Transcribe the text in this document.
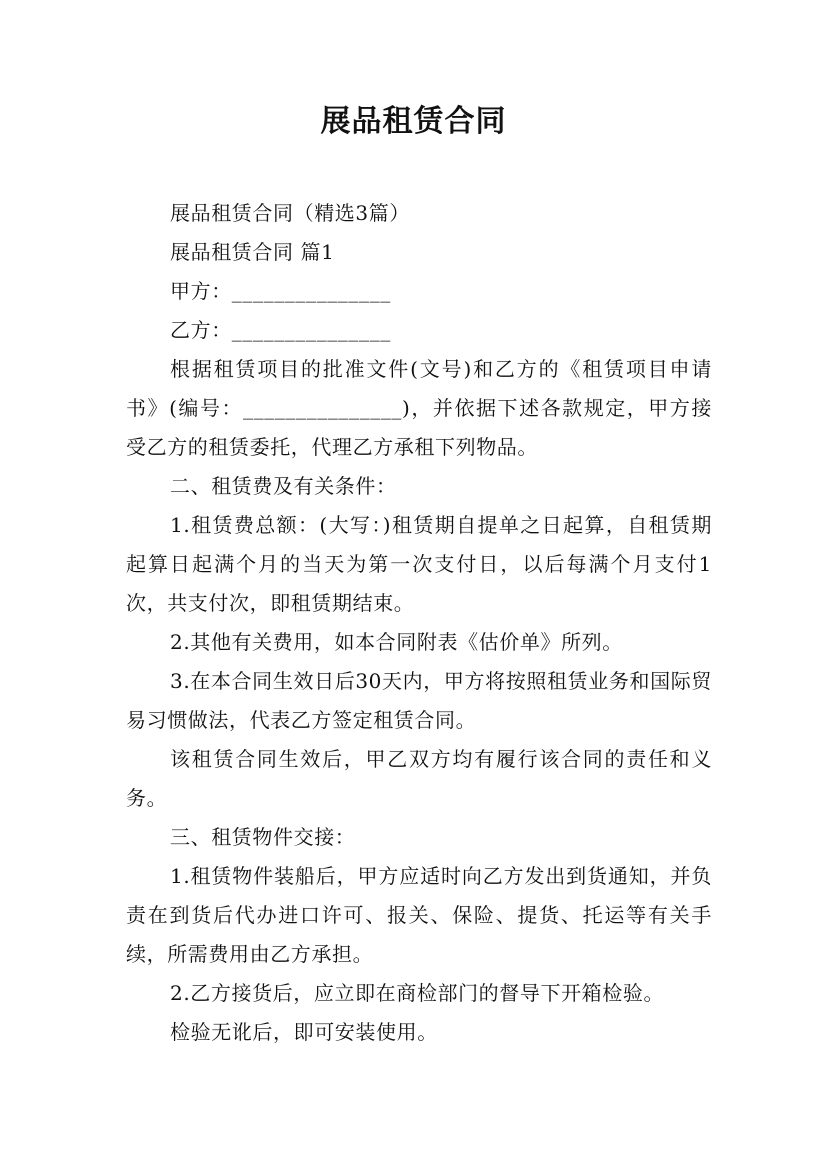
展品租赁合同

展品租赁合同（精选3篇）

展品租赁合同 篇1

甲方：_______________

乙方：_______________

根据租赁项目的批准文件(文号)和乙方的《租赁项目申请书》(编号：_______________)，并依据下述各款规定，甲方接受乙方的租赁委托，代理乙方承租下列物品。

二、租赁费及有关条件：

1.租赁费总额：(大写：)租赁期自提单之日起算，自租赁期起算日起满个月的当天为第一次支付日，以后每满个月支付1次，共支付次，即租赁期结束。

2.其他有关费用，如本合同附表《估价单》所列。

3.在本合同生效日后30天内，甲方将按照租赁业务和国际贸易习惯做法，代表乙方签定租赁合同。

该租赁合同生效后，甲乙双方均有履行该合同的责任和义务。

三、租赁物件交接：

1.租赁物件装船后，甲方应适时向乙方发出到货通知，并负责在到货后代办进口许可、报关、保险、提货、托运等有关手续，所需费用由乙方承担。

2.乙方接货后，应立即在商检部门的督导下开箱检验。

检验无讹后，即可安装使用。
